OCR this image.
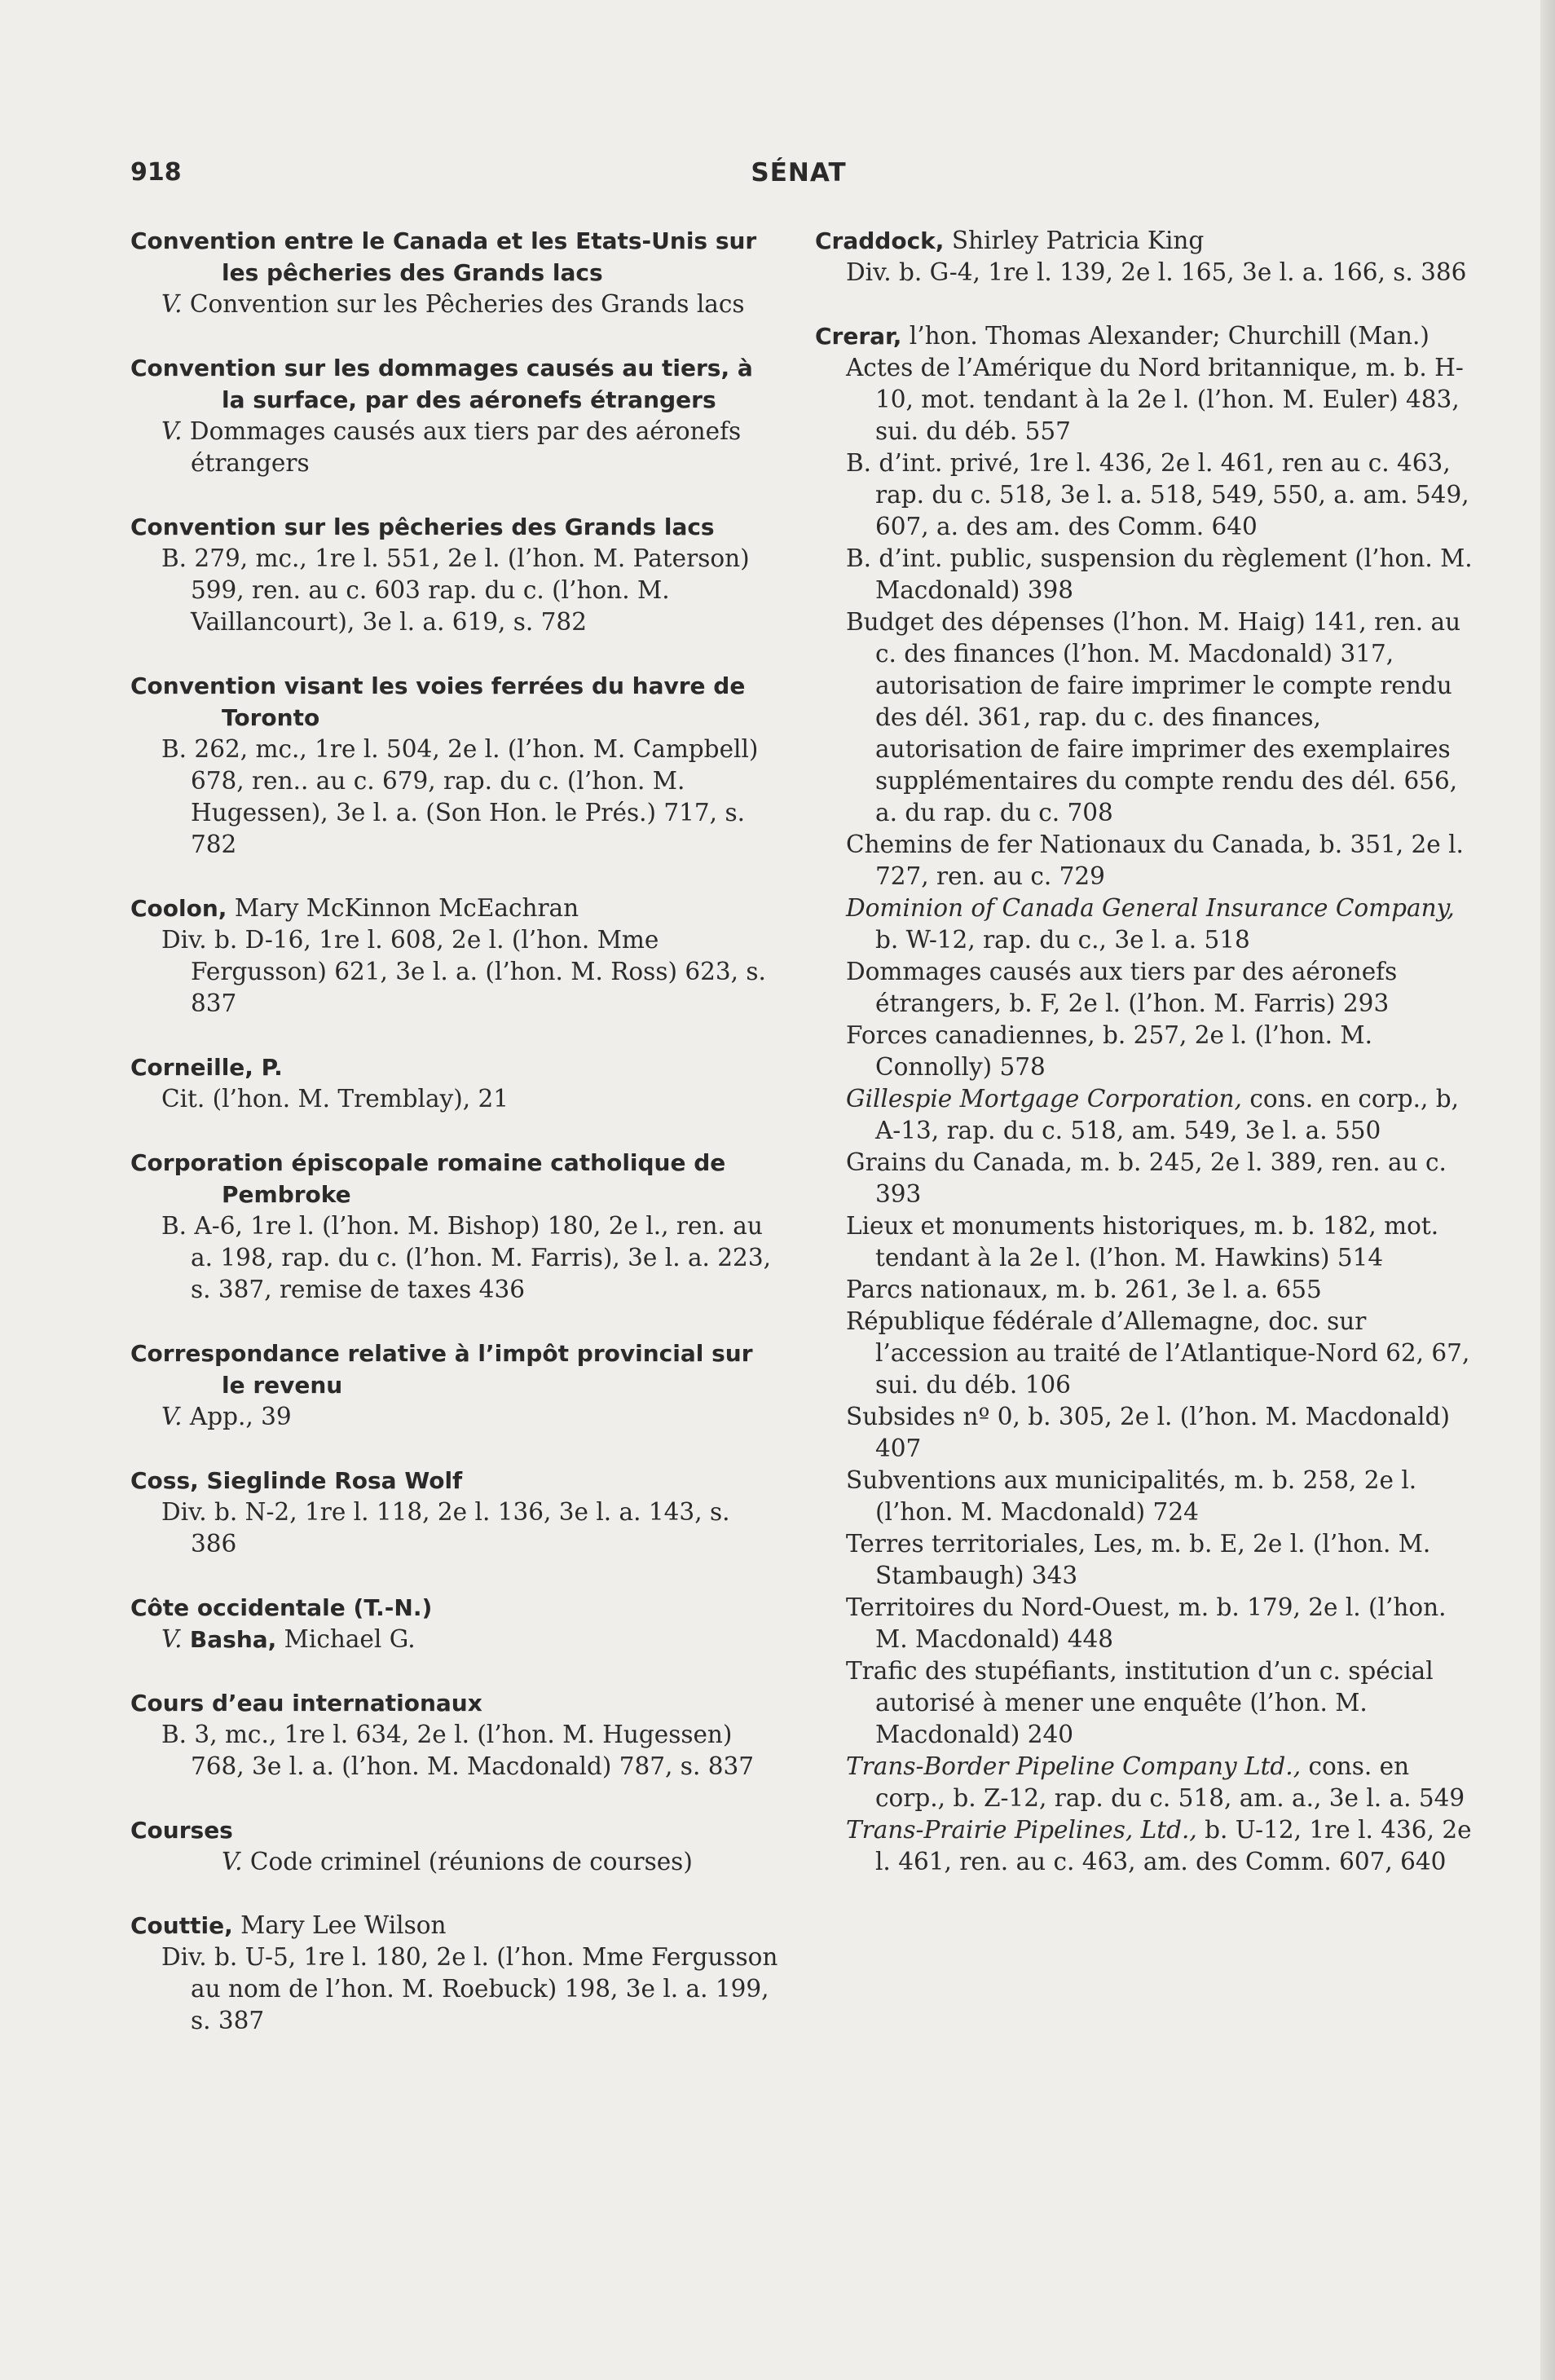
918	SÉNAT
Convention entre le Canada et les Etats-Unis sur les pêcheries des Grands lacs
V. Convention sur les Pêcheries des Grands lacs
Convention sur les dommages causés au tiers, à la surface, par des aéronefs étrangers
V. Dommages causés aux tiers par des aéronefs étrangers
Convention sur les pêcheries des Grands lacs
B. 279, mc., 1re l. 551, 2e l. (l’hon. M. Paterson) 599, ren. au c. 603 rap. du c. (l’hon. M. Vaillancourt), 3e l. a. 619, s. 782
Convention visant les voies ferrées du havre de Toronto
B. 262, mc., 1re l. 504, 2e l. (l’hon. M. Campbell) 678, ren.. au c. 679, rap. du c. (l’hon. M. Hugessen), 3e l. a. (Son Hon. le Prés.) 717, s. 782
Coolon, Mary McKinnon McEachran
Div. b. D-16, 1re l. 608, 2e l. (l’hon. Mme Fergusson) 621, 3e l. a. (l’hon. M. Ross) 623, s. 837
Corneille, P.
Cit. (l’hon. M. Tremblay), 21
Corporation épiscopale romaine catholique de Pembroke
B. A-6, 1re l. (l’hon. M. Bishop) 180, 2e l., ren. au a. 198, rap. du c. (l’hon. M. Farris), 3e l. a. 223, s. 387, remise de taxes 436
Correspondance relative à l’impôt provincial sur le revenu
V. App., 39
Coss, Sieglinde Rosa Wolf
Div. b. N-2, 1re l. 118, 2e l. 136, 3e l. a. 143, s. 386
Côte occidentale (T.-N.)
V. Basha, Michael G.
Cours d’eau internationaux
B. 3, mc., 1re l. 634, 2e l. (l’hon. M. Hugessen) 768, 3e l. a. (l’hon. M. Macdonald) 787, s. 837
Courses
V. Code criminel (réunions de courses)
Couttie, Mary Lee Wilson
Div. b. U-5, 1re l. 180, 2e l. (l’hon. Mme Fergusson au nom de l’hon. M. Roebuck) 198, 3e l. a. 199, s. 387
Craddock, Shirley Patricia King
Div. b. G-4, 1re l. 139, 2e l. 165, 3e l. a. 166, s. 386
Crerar, l’hon. Thomas Alexander; Churchill (Man.)
Actes de l’Amérique du Nord britannique, m. b. H-10, mot. tendant à la 2e l. (l’hon. M. Euler) 483, sui. du déb. 557
B. d’int. privé, 1re l. 436, 2e l. 461, ren au c. 463, rap. du c. 518, 3e l. a. 518, 549, 550, a. am. 549, 607, a. des am. des Comm. 640
B. d’int. public, suspension du règlement (l’hon. M. Macdonald) 398
Budget des dépenses (l’hon. M. Haig) 141, ren. au c. des finances (l’hon. M. Macdonald) 317, autorisation de faire imprimer le compte rendu des dél. 361, rap. du c. des finances, autorisation de faire imprimer des exemplaires supplémentaires du compte rendu des dél. 656, a. du rap. du c. 708
Chemins de fer Nationaux du Canada, b. 351, 2e l. 727, ren. au c. 729
Dominion of Canada General Insurance Company, b. W-12, rap. du c., 3e l. a. 518
Dommages causés aux tiers par des aéronefs étrangers, b. F, 2e l. (l’hon. M. Farris) 293
Forces canadiennes, b. 257, 2e l. (l’hon. M. Connolly) 578
Gillespie Mortgage Corporation, cons. en corp., b, A-13, rap. du c. 518, am. 549, 3e l. a. 550
Grains du Canada, m. b. 245, 2e l. 389, ren. au c. 393
Lieux et monuments historiques, m. b. 182, mot. tendant à la 2e l. (l’hon. M. Hawkins) 514
Parcs nationaux, m. b. 261, 3e l. a. 655
République fédérale d’Allemagne, doc. sur l’accession au traité de l’Atlantique-Nord 62, 67, sui. du déb. 106
Subsides nº 0, b. 305, 2e l. (l’hon. M. Macdonald) 407
Subventions aux municipalités, m. b. 258, 2e l. (l’hon. M. Macdonald) 724
Terres territoriales, Les, m. b. E, 2e l. (l’hon. M. Stambaugh) 343
Territoires du Nord-Ouest, m. b. 179, 2e l. (l’hon. M. Macdonald) 448
Trafic des stupéfiants, institution d’un c. spécial autorisé à mener une enquête (l’hon. M. Macdonald) 240
Trans-Border Pipeline Company Ltd., cons. en corp., b. Z-12, rap. du c. 518, am. a., 3e l. a. 549
Trans-Prairie Pipelines, Ltd., b. U-12, 1re l. 436, 2e l. 461, ren. au c. 463, am. des Comm. 607, 640
